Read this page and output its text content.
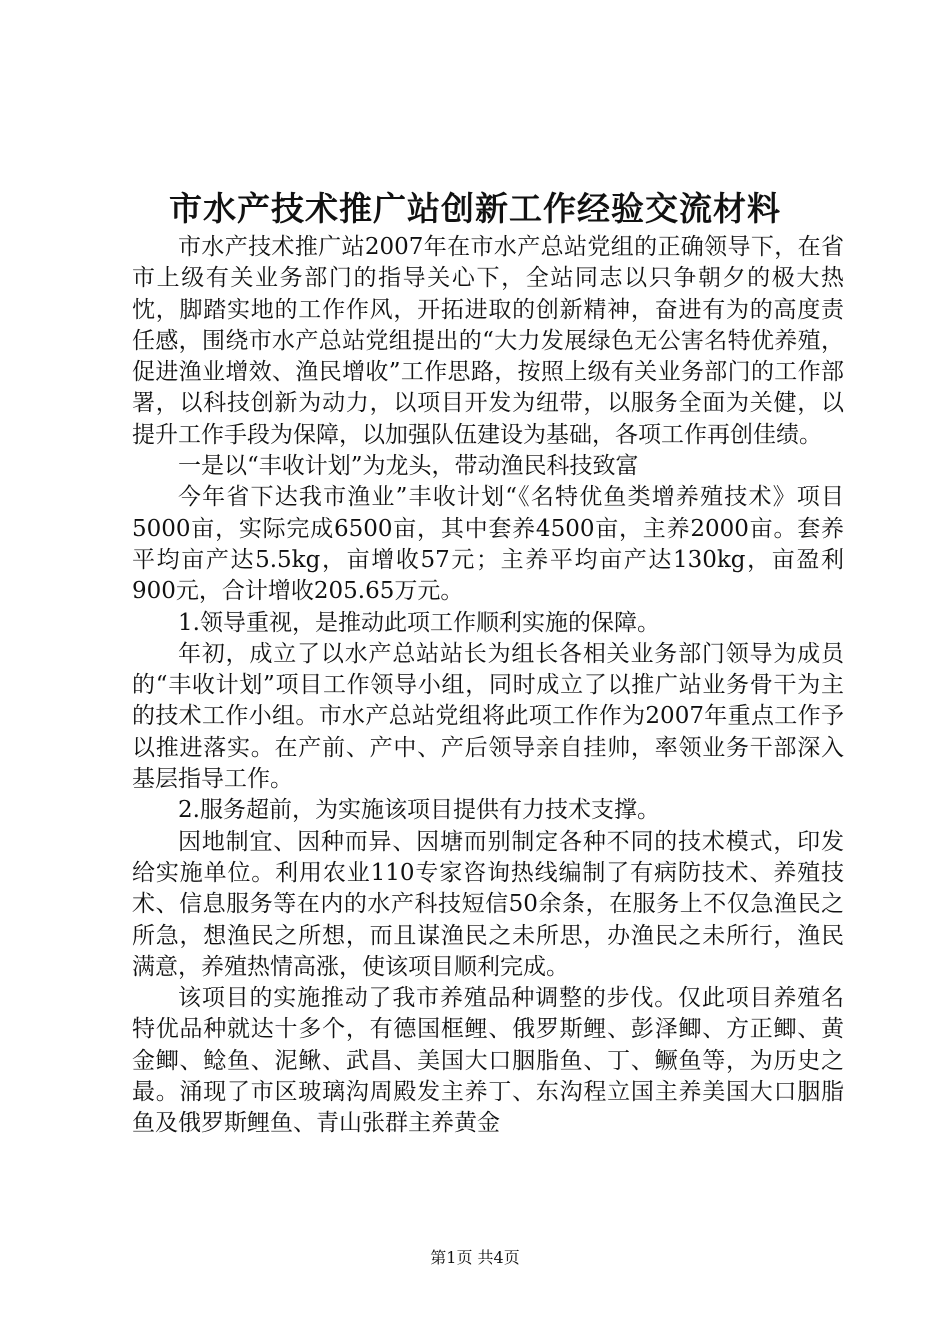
市水产技术推广站创新工作经验交流材料

市水产技术推广站2007年在市水产总站党组的正确领导下，在省市上级有关业务部门的指导关心下，全站同志以只争朝夕的极大热忱，脚踏实地的工作作风，开拓进取的创新精神，奋进有为的高度责任感，围绕市水产总站党组提出的“大力发展绿色无公害名特优养殖，促进渔业增效、渔民增收”工作思路，按照上级有关业务部门的工作部署，以科技创新为动力，以项目开发为纽带，以服务全面为关健，以提升工作手段为保障，以加强队伍建设为基础，各项工作再创佳绩。

一是以“丰收计划”为龙头，带动渔民科技致富

今年省下达我市渔业”丰收计划“《名特优鱼类增养殖技术》项目5000亩，实际完成6500亩，其中套养4500亩，主养2000亩。套养平均亩产达5.5kg，亩增收57元；主养平均亩产达130kg，亩盈利900元，合计增收205.65万元。

1.领导重视，是推动此项工作顺利实施的保障。

年初，成立了以水产总站站长为组长各相关业务部门领导为成员的“丰收计划”项目工作领导小组，同时成立了以推广站业务骨干为主的技术工作小组。市水产总站党组将此项工作作为2007年重点工作予以推进落实。在产前、产中、产后领导亲自挂帅，率领业务干部深入基层指导工作。

2.服务超前，为实施该项目提供有力技术支撑。

因地制宜、因种而异、因塘而别制定各种不同的技术模式，印发给实施单位。利用农业110专家咨询热线编制了有病防技术、养殖技术、信息服务等在内的水产科技短信50余条，在服务上不仅急渔民之所急，想渔民之所想，而且谋渔民之未所思，办渔民之未所行，渔民满意，养殖热情高涨，使该项目顺利完成。

该项目的实施推动了我市养殖品种调整的步伐。仅此项目养殖名特优品种就达十多个，有德国框鲤、俄罗斯鲤、彭泽鲫、方正鲫、黄金鲫、鲶鱼、泥鳅、武昌、美国大口胭脂鱼、丁、鳜鱼等，为历史之最。涌现了市区玻璃沟周殿发主养丁、东沟程立国主养美国大口胭脂鱼及俄罗斯鲤鱼、青山张群主养黄金

第1页 共4页
